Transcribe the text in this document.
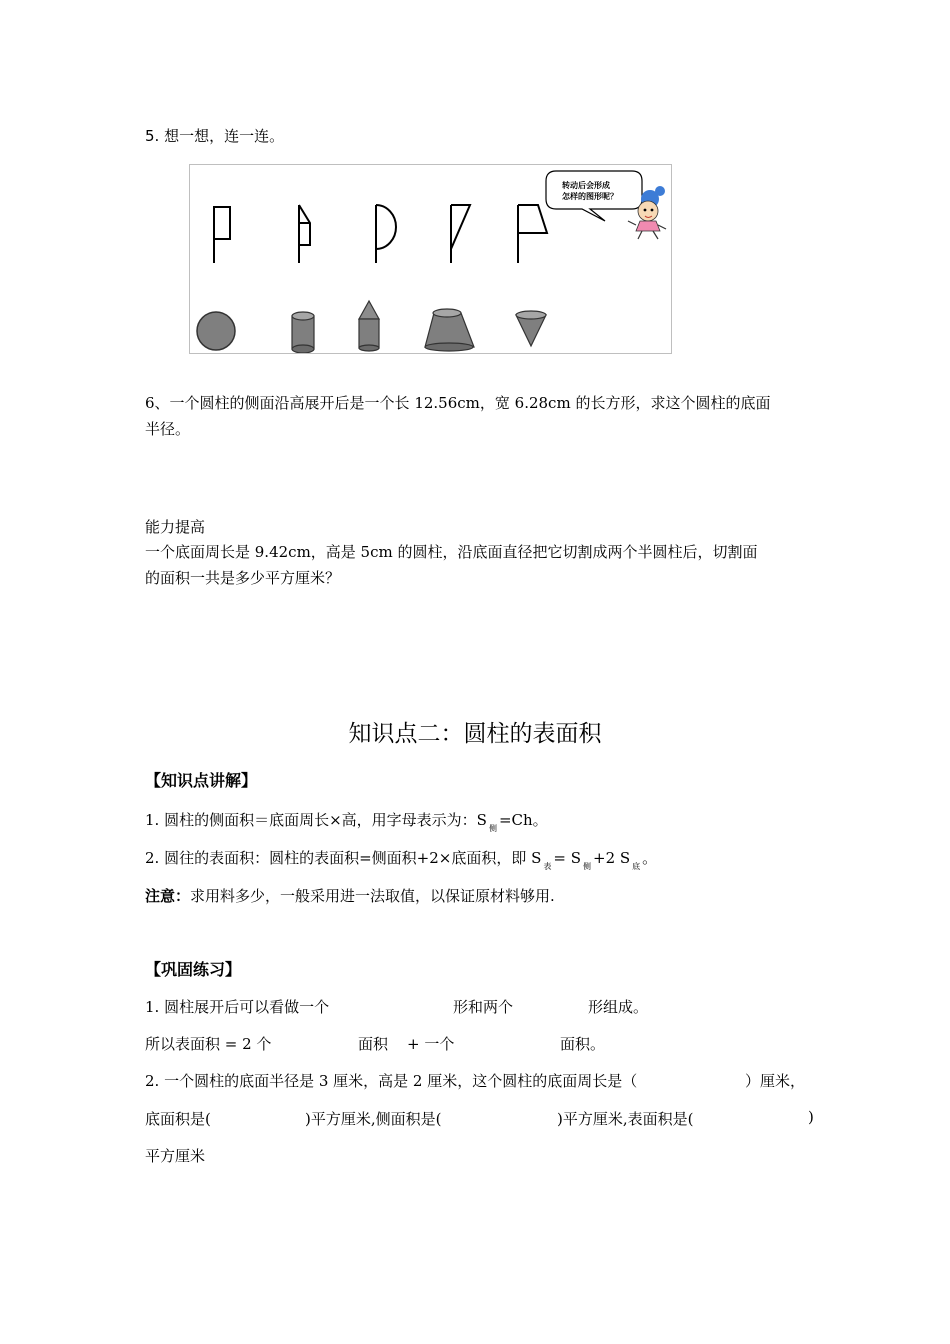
5. 想一想，连一连。
转动后会形成
怎样的图形呢？
6、一个圆柱的侧面沿高展开后是一个长 12.56cm，宽 6.28cm 的长方形，求这个圆柱的底面
半径。
能力提高
一个底面周长是 9.42cm，高是 5cm 的圆柱，沿底面直径把它切割成两个半圆柱后，切割面
的面积一共是多少平方厘米？
知识点二：圆柱的表面积
【知识点讲解】
1. 圆柱的侧面积＝底面周长×高，用字母表示为：S $_侧$ =Ch。
2. 圆往的表面积：圆柱的表面积=侧面积+2×底面积，即 S $_表$ = S $_侧$ +2 S $_底$ 。
注意：求用料多少，一般采用进一法取值，以保证原材料够用.
【巩固练习】
1. 圆柱展开后可以看做一个	形和两个	形组成。
所以表面积 = 2 个	面积 + 一个	面积。
2. 一个圆柱的底面半径是 3 厘米，高是 2 厘米，这个圆柱的底面周长是（	）厘米，
底面积是(	)平方厘米,侧面积是(	)平方厘米,表面积是(	)
平方厘米
